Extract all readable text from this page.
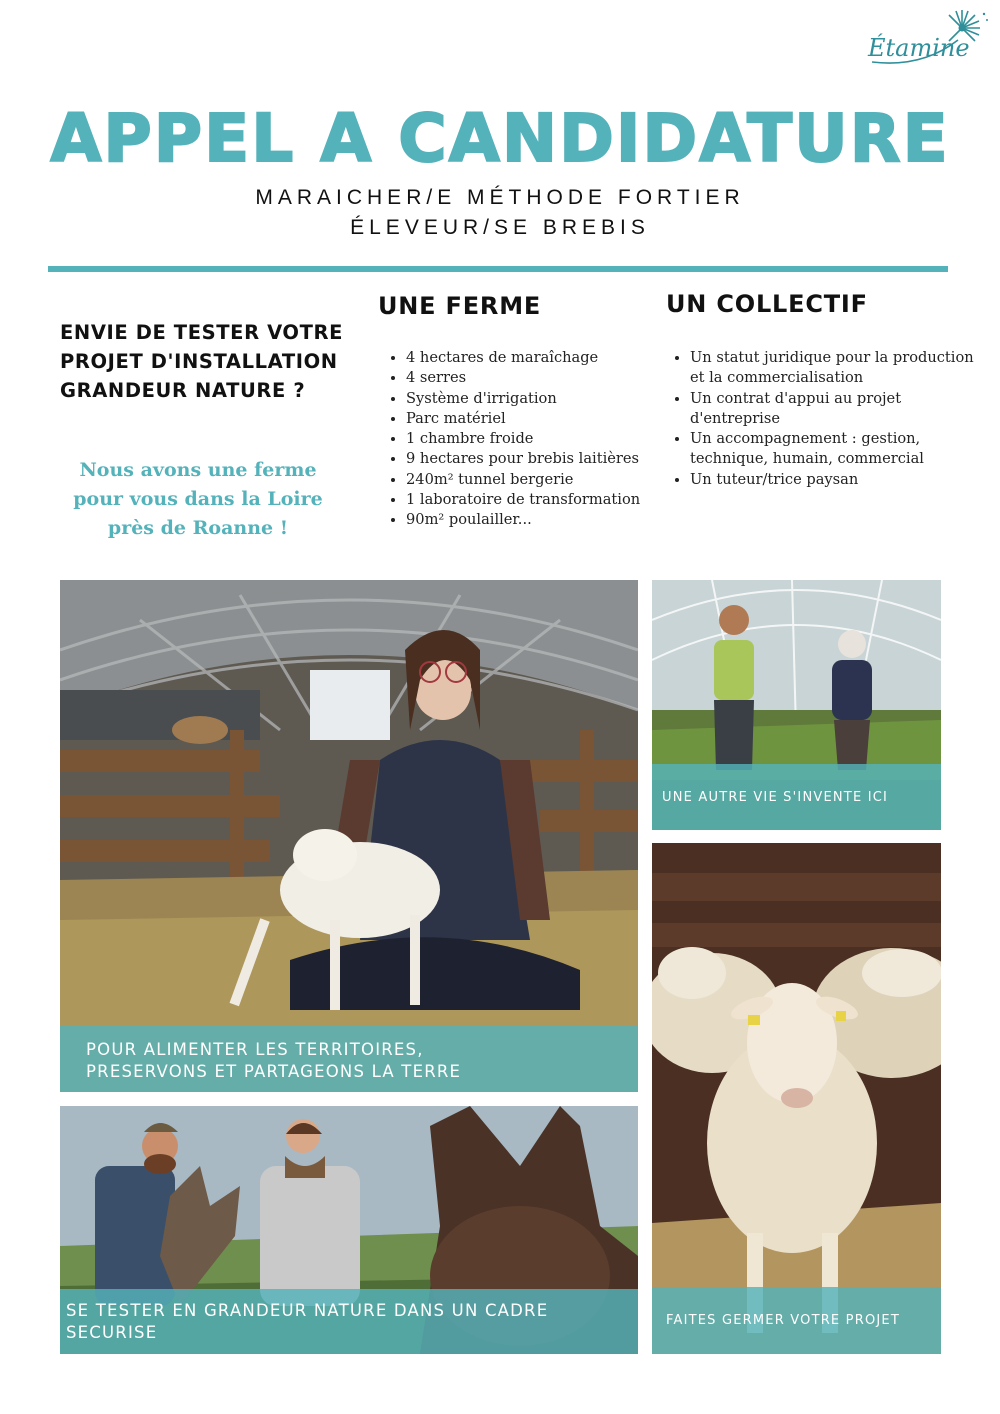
Étamine
APPEL A CANDIDATURE
MARAICHER/E MÉTHODE FORTIER
ÉLEVEUR/SE BREBIS
ENVIE DE TESTER VOTRE PROJET D'INSTALLATION GRANDEUR NATURE ?
Nous avons une ferme pour vous dans la Loire près de Roanne !
UNE FERME
• 4 hectares de maraîchage
• 4 serres
• Système d'irrigation
• Parc matériel
• 1 chambre froide
• 9 hectares pour brebis laitières
• 240m² tunnel bergerie
• 1 laboratoire de transformation
• 90m² poulailler...
UN COLLECTIF
• Un statut juridique pour la production et la commercialisation
• Un contrat d'appui au projet d'entreprise
• Un accompagnement : gestion, technique, humain, commercial
• Un tuteur/trice paysan
POUR ALIMENTER LES TERRITOIRES,
PRESERVONS ET PARTAGEONS LA TERRE
UNE AUTRE VIE S'INVENTE ICI
FAITES GERMER VOTRE PROJET
SE TESTER EN GRANDEUR NATURE DANS UN CADRE
SECURISE
